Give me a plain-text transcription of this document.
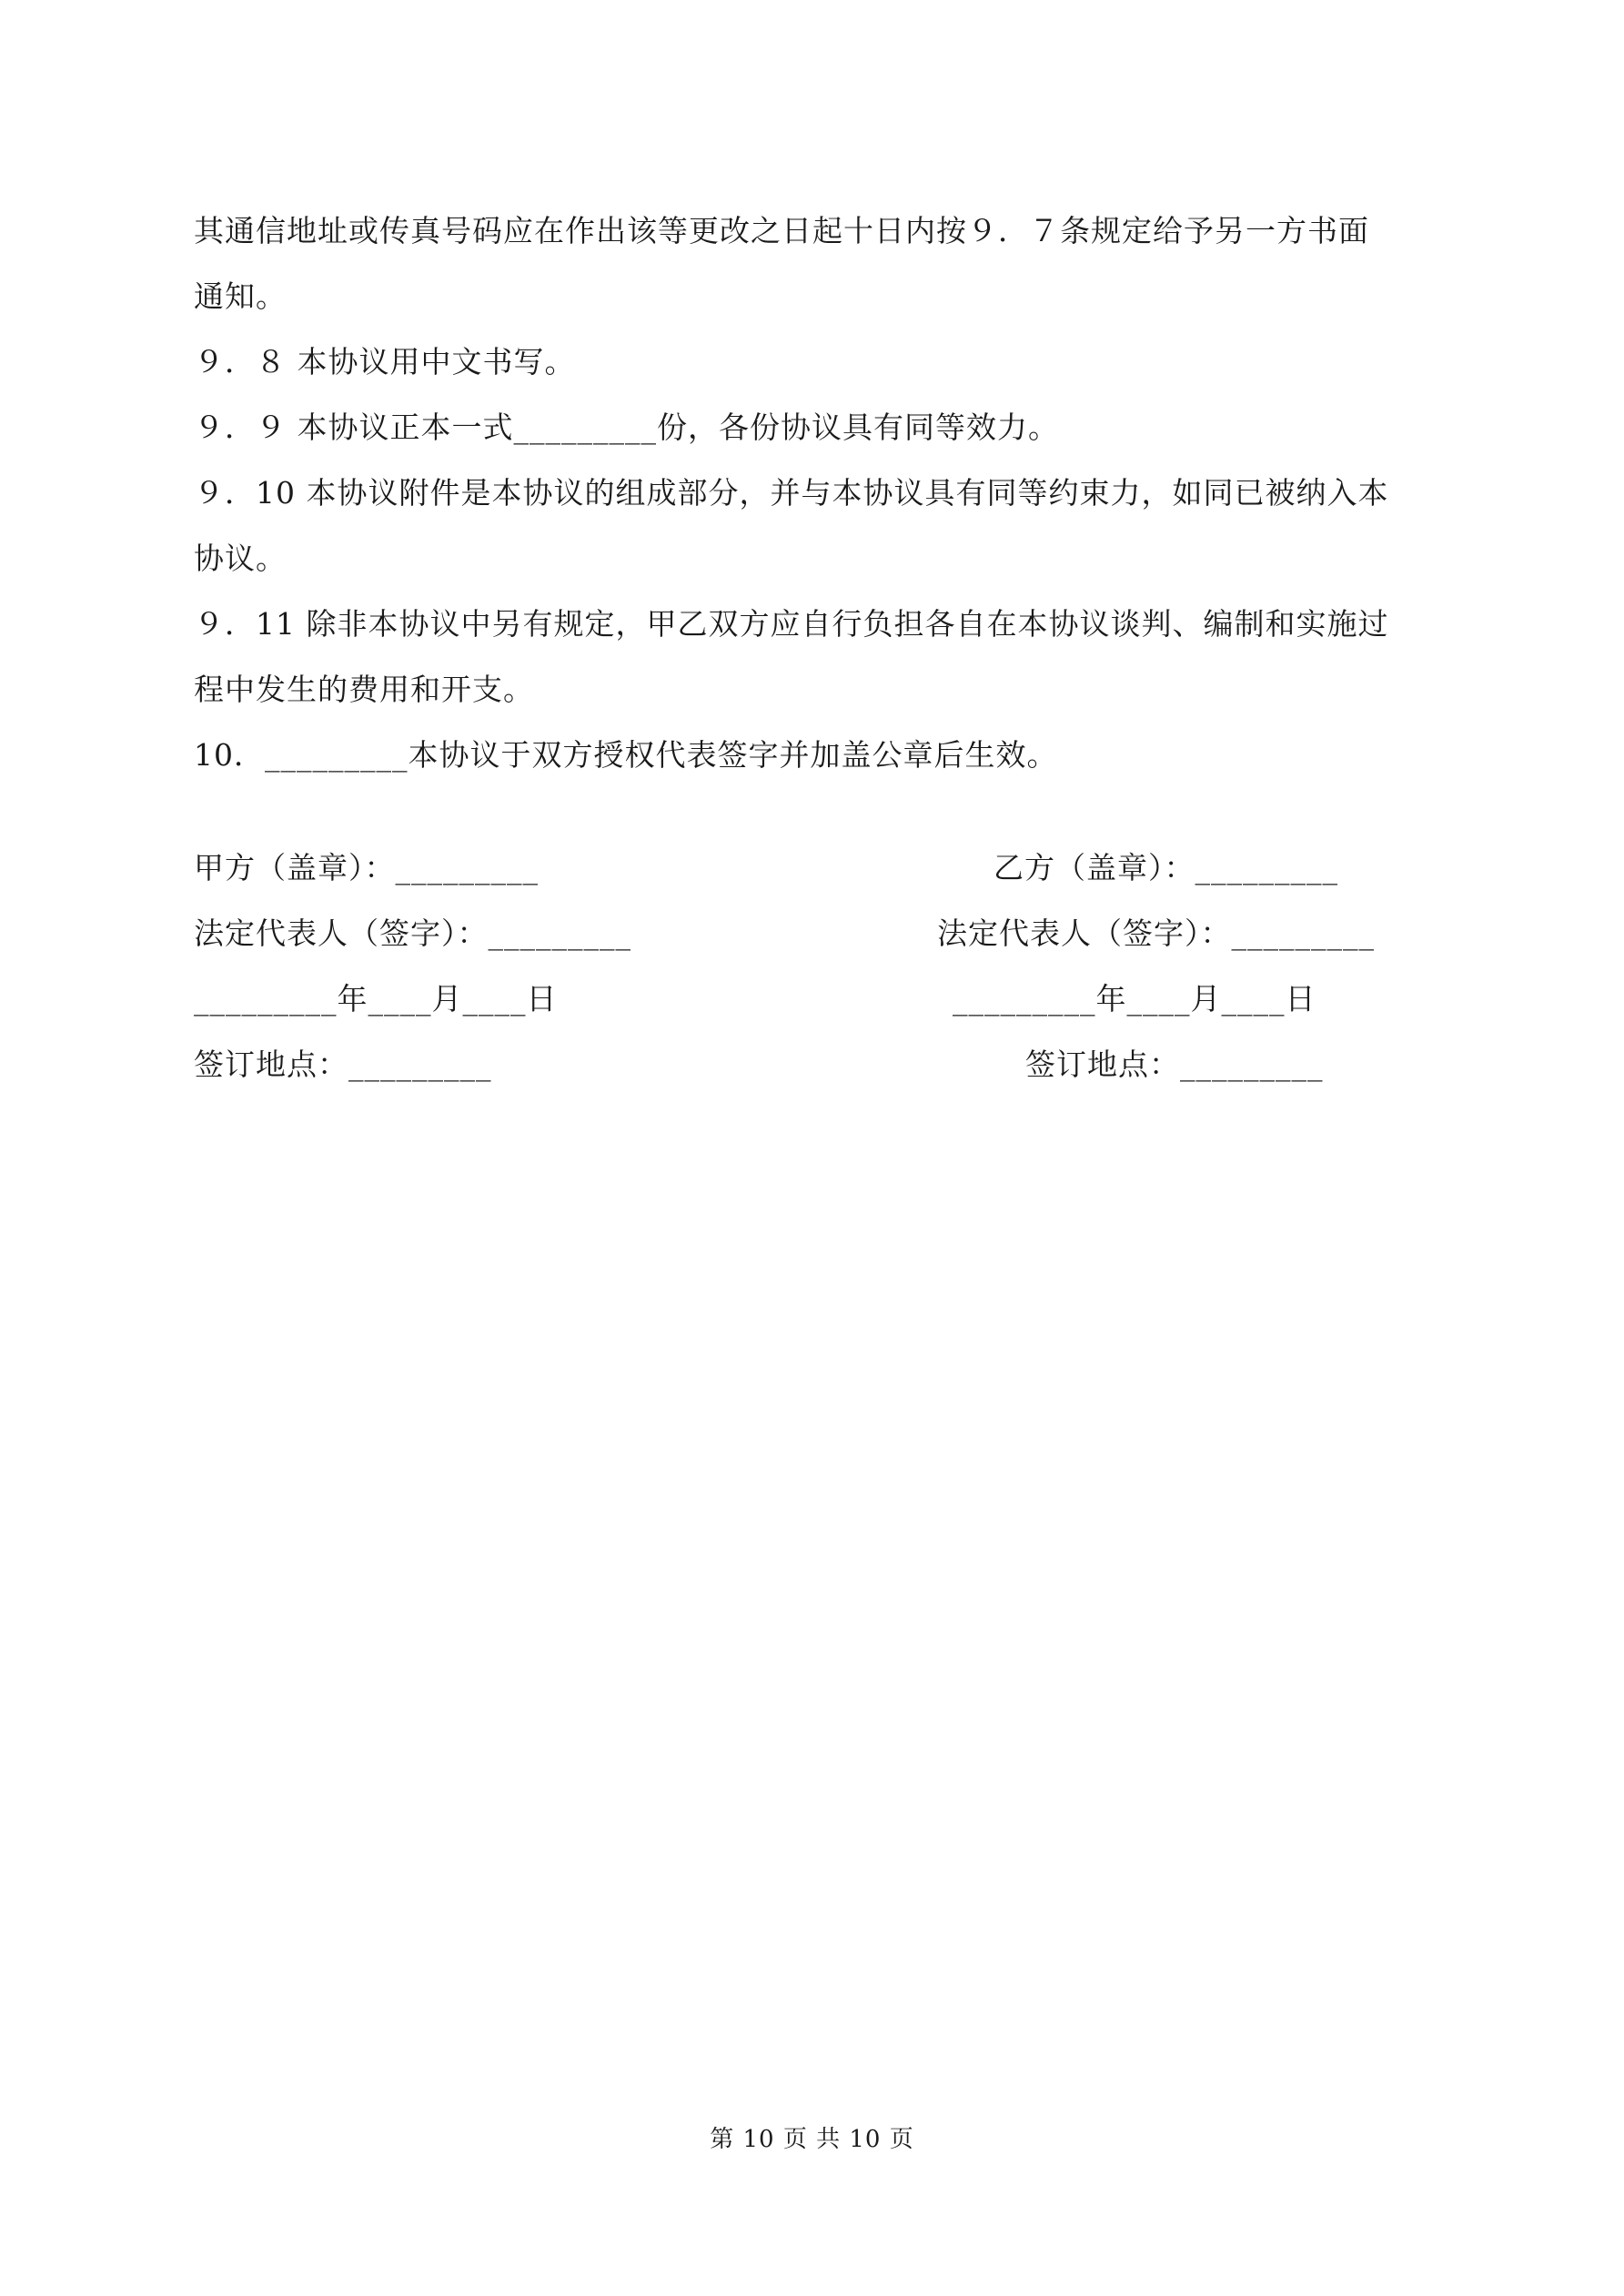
其通信地址或传真号码应在作出该等更改之日起十日内按９．７条规定给予另一方书面
通知。
９．８ 本协议用中文书写。
９．９ 本协议正本一式_________份，各份协议具有同等效力。
９．10 本协议附件是本协议的组成部分，并与本协议具有同等约束力，如同已被纳入本
协议。
９．11 除非本协议中另有规定，甲乙双方应自行负担各自在本协议谈判、编制和实施过
程中发生的费用和开支。
10．_________本协议于双方授权代表签字并加盖公章后生效。
甲方（盖章）：_________
法定代表人（签字）：_________
_________年____月____日
签订地点：_________
乙方（盖章）：_________
法定代表人（签字）：_________
_________年____月____日
签订地点：_________
第 10 页 共 10 页
